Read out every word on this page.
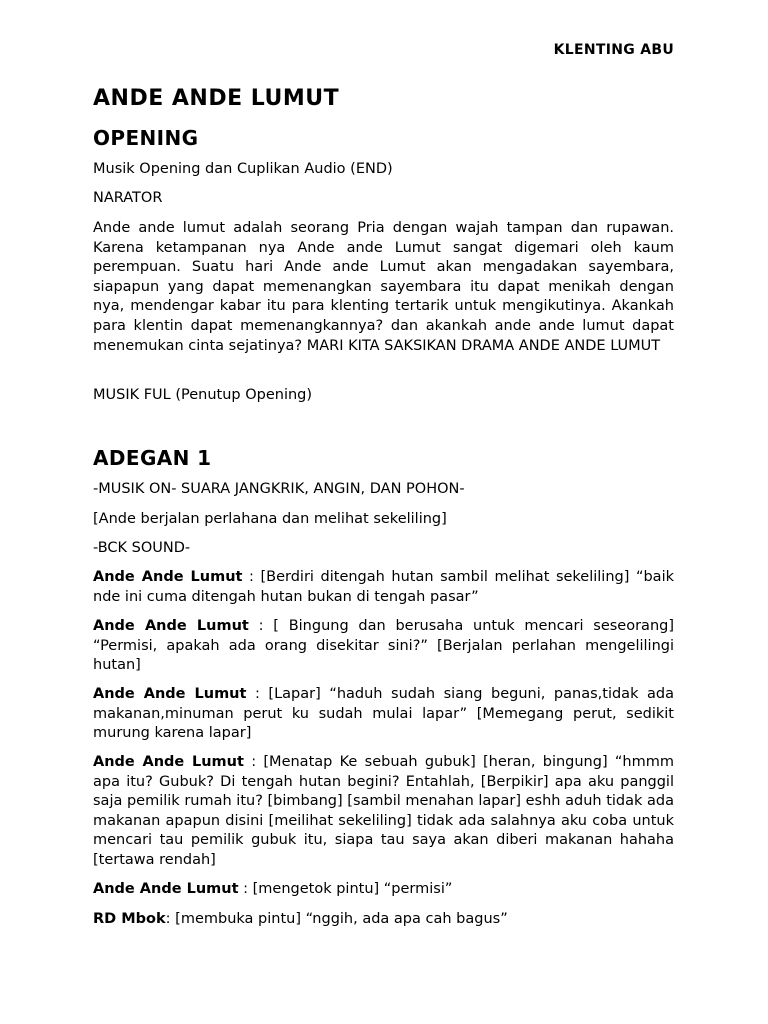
KLENTING ABU
ANDE ANDE LUMUT
OPENING

Musik Opening dan Cuplikan Audio (END)

NARATOR

Ande ande lumut adalah seorang Pria dengan wajah tampan dan rupawan. Karena ketampanan nya Ande ande Lumut sangat digemari oleh kaum perempuan. Suatu hari Ande ande Lumut akan mengadakan sayembara, siapapun yang dapat memenangkan sayembara itu dapat menikah dengan nya, mendengar kabar itu para klenting tertarik untuk mengikutinya. Akankah para klentin dapat memenangkannya? dan akankah ande ande lumut dapat menemukan cinta sejatinya? MARI KITA SAKSIKAN DRAMA ANDE ANDE LUMUT

MUSIK FUL (Penutup Opening)

ADEGAN 1

-MUSIK ON- SUARA JANGKRIK, ANGIN, DAN POHON-

[Ande berjalan perlahana dan melihat sekeliling]

-BCK SOUND-

Ande Ande Lumut : [Berdiri ditengah hutan sambil melihat sekeliling] “baik nde ini cuma ditengah hutan bukan di tengah pasar”

Ande Ande Lumut : [ Bingung dan berusaha untuk mencari seseorang] “Permisi, apakah ada orang disekitar sini?” [Berjalan perlahan mengelilingi hutan]

Ande Ande Lumut : [Lapar] “haduh sudah siang beguni, panas,tidak ada makanan,minuman perut ku sudah mulai lapar” [Memegang perut, sedikit murung karena lapar]

Ande Ande Lumut : [Menatap Ke sebuah gubuk] [heran, bingung] “hmmm apa itu? Gubuk? Di tengah hutan begini? Entahlah, [Berpikir] apa aku panggil saja pemilik rumah itu? [bimbang] [sambil menahan lapar] eshh aduh tidak ada makanan apapun disini [meilihat sekeliling] tidak ada salahnya aku coba untuk mencari tau pemilik gubuk itu, siapa tau saya akan diberi makanan hahaha [tertawa rendah]

Ande Ande Lumut : [mengetok pintu] “permisi”

RD Mbok: [membuka pintu] “nggih, ada apa cah bagus”
